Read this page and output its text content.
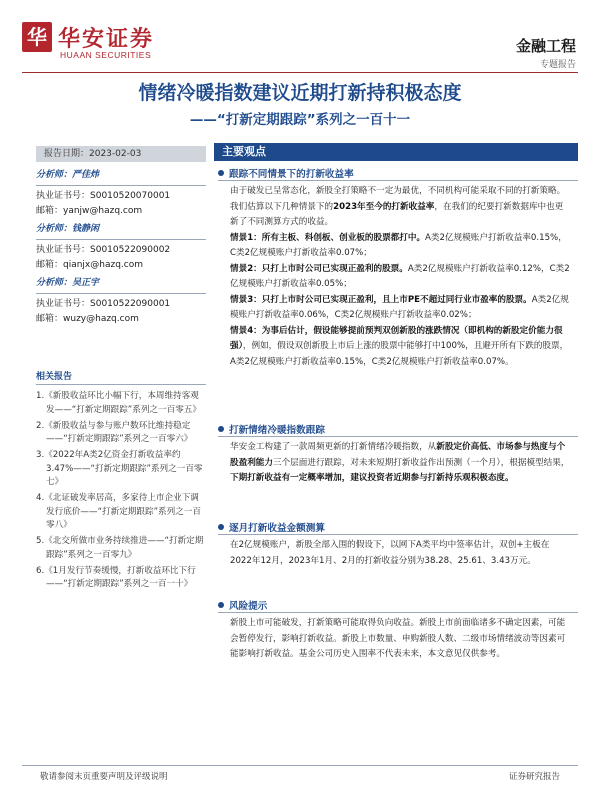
华 华安证券
HUAAN SECURITIES	金融工程
专题报告
情绪冷暖指数建议近期打新持积极态度
——“打新定期跟踪”系列之一百十一
报告日期：2023-02-03
分析师：严佳炜
执业证书号：S0010520070001
邮箱：yanjw@hazq.com
分析师：钱静闲
执业证书号：S0010522090002
邮箱：qianjx@hazq.com
分析师：吴正宇
执业证书号：S0010522090001
邮箱：wuzy@hazq.com
相关报告
1.《新股收益环比小幅下行，本周维持客观发——“打新定期跟踪”系列之一百零五》
2.《新股收益与参与账户数环比维持稳定——“打新定期跟踪”系列之一百零六》
3.《2022年A类2亿资金打新收益率约3.47%——“打新定期跟踪”系列之一百零七》
4.《北证破发率居高，多家待上市企业下调发行底价——“打新定期跟踪”系列之一百零八》
5.《北交所做市业务持续推进——“打新定期跟踪”系列之一百零九》
6.《1月发行节奏缓慢，打新收益环比下行——“打新定期跟踪”系列之一百一十》
主要观点
跟踪不同情景下的打新收益率
由于破发已呈常态化，新股全打策略不一定为最优，不同机构可能采取不同的打新策略。我们估算以下几种情景下的2023年至今的打新收益率，在我们的纪要打新数据库中也更新了不同测算方式的收益。
情景1：所有主板、科创板、创业板的股票都打中。A类2亿规模账户打新收益率0.15%，C类2亿规模账户打新收益率0.07%；
情景2：只打上市时公司已实现正盈利的股票。A类2亿规模账户打新收益率0.12%，C类2亿规模账户打新收益率0.05%；
情景3：只打上市时公司已实现正盈利，且上市PE不超过同行业市盈率的股票。A类2亿规模账户打新收益率0.06%，C类2亿规模账户打新收益率0.02%；
情景4：为事后估计，假设能够提前预判双创新股的涨跌情况（即机构的新股定价能力很强），例如，假设双创新股上市后上涨的股票中能够打中100%，且避开所有下跌的股票，A类2亿规模账户打新收益率0.15%，C类2亿规模账户打新收益率0.07%。
打新情绪冷暖指数跟踪
华安金工构建了一款周频更新的打新情绪冷暖指数，从新股定价高低、市场参与热度与个股盈利能力三个层面进行跟踪，对未来短期打新收益作出预测（一个月），根据模型结果，下期打新收益有一定概率增加，建议投资者近期参与打新持乐观积极态度。
逐月打新收益金额测算
在2亿规模账户，新股全部入围的假设下，以网下A类平均中签率估计，双创+主板在2022年12月，2023年1月、2月的打新收益分别为38.28、25.61、3.43万元。
风险提示
新股上市可能破发，打新策略可能取得负向收益。新股上市前面临诸多不确定因素，可能会暂停发行，影响打新收益。新股上市数量、申购新股人数、二级市场情绪波动等因素可能影响打新收益。基金公司历史入围率不代表未来，本文意见仅供参考。
敬请参阅末页重要声明及评级说明	证券研究报告
